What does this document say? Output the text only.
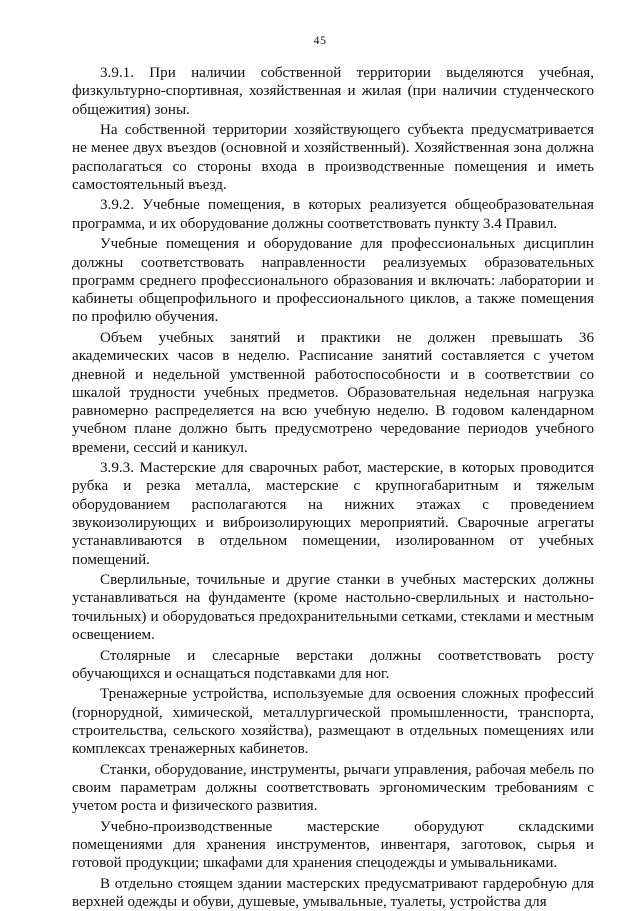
45

3.9.1. При наличии собственной территории выделяются учебная, физкультурно-спортивная, хозяйственная и жилая (при наличии студенческого общежития) зоны.

На собственной территории хозяйствующего субъекта предусматривается не менее двух въездов (основной и хозяйственный). Хозяйственная зона должна располагаться со стороны входа в производственные помещения и иметь самостоятельный въезд.

3.9.2. Учебные помещения, в которых реализуется общеобразовательная программа, и их оборудование должны соответствовать пункту 3.4 Правил.

Учебные помещения и оборудование для профессиональных дисциплин должны соответствовать направленности реализуемых образовательных программ среднего профессионального образования и включать: лаборатории и кабинеты общепрофильного и профессионального циклов, а также помещения по профилю обучения.

Объем учебных занятий и практики не должен превышать 36 академических часов в неделю. Расписание занятий составляется с учетом дневной и недельной умственной работоспособности и в соответствии со шкалой трудности учебных предметов. Образовательная недельная нагрузка равномерно распределяется на всю учебную неделю. В годовом календарном учебном плане должно быть предусмотрено чередование периодов учебного времени, сессий и каникул.

3.9.3. Мастерские для сварочных работ, мастерские, в которых проводится рубка и резка металла, мастерские с крупногабаритным и тяжелым оборудованием располагаются на нижних этажах с проведением звукоизолирующих и виброизолирующих мероприятий. Сварочные агрегаты устанавливаются в отдельном помещении, изолированном от учебных помещений.

Сверлильные, точильные и другие станки в учебных мастерских должны устанавливаться на фундаменте (кроме настольно-сверлильных и настольно-точильных) и оборудоваться предохранительными сетками, стеклами и местным освещением.

Столярные и слесарные верстаки должны соответствовать росту обучающихся и оснащаться подставками для ног.

Тренажерные устройства, используемые для освоения сложных профессий (горнорудной, химической, металлургической промышленности, транспорта, строительства, сельского хозяйства), размещают в отдельных помещениях или комплексах тренажерных кабинетов.

Станки, оборудование, инструменты, рычаги управления, рабочая мебель по своим параметрам должны соответствовать эргономическим требованиям с учетом роста и физического развития.

Учебно-производственные мастерские оборудуют складскими помещениями для хранения инструментов, инвентаря, заготовок, сырья и готовой продукции; шкафами для хранения спецодежды и умывальниками.

В отдельно стоящем здании мастерских предусматривают гардеробную для верхней одежды и обуви, душевые, умывальные, туалеты, устройства для
